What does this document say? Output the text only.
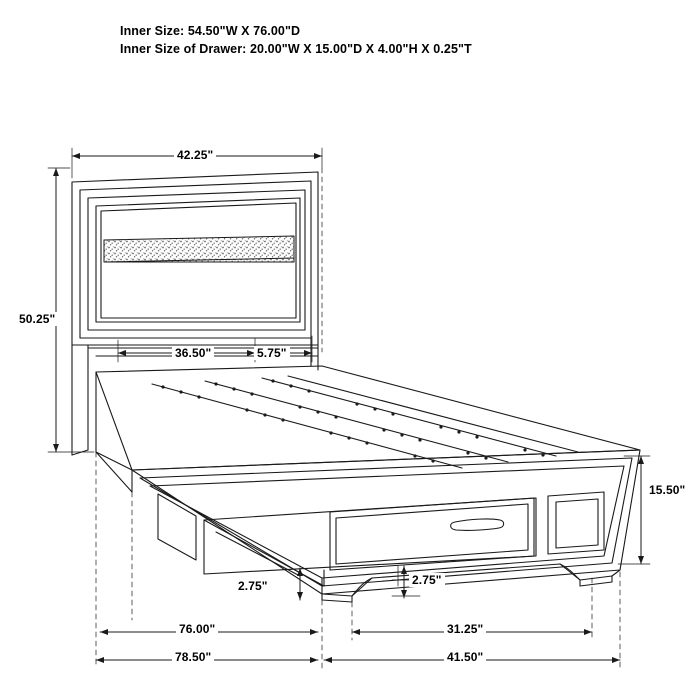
Inner Size: 54.50"W X 76.00"D
Inner Size of Drawer: 20.00"W X 15.00"D X 4.00"H X 0.25"T
42.25"
50.25"
36.50"	5.75"
15.50"
2.75"	2.75"
76.00"	31.25"
78.50"	41.50"
